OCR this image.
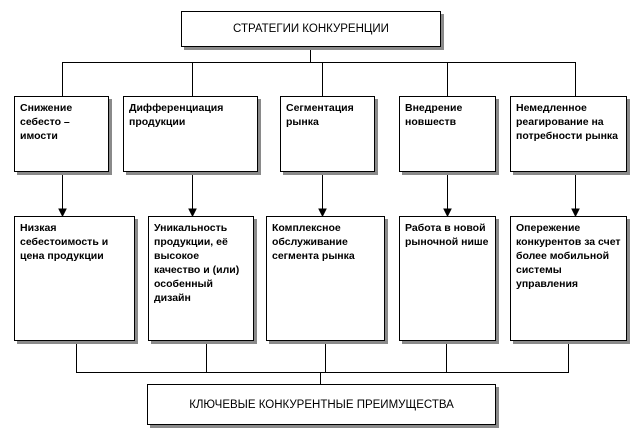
СТРАТЕГИИ КОНКУРЕНЦИИ
Снижение себесто – имости
Дифференциация продукции
Сегментация рынка
Внедрение новшеств
Немедленное реагирование на потребности рынка
Низкая себестоимость и цена продукции
Уникальность продукции, её высокое качество и (или) особенный дизайн
Комплексное обслуживание сегмента рынка
Работа в новой рыночной нише
Опережение конкурентов за счет более мобильной системы управления
КЛЮЧЕВЫЕ КОНКУРЕНТНЫЕ ПРЕИМУЩЕСТВА
